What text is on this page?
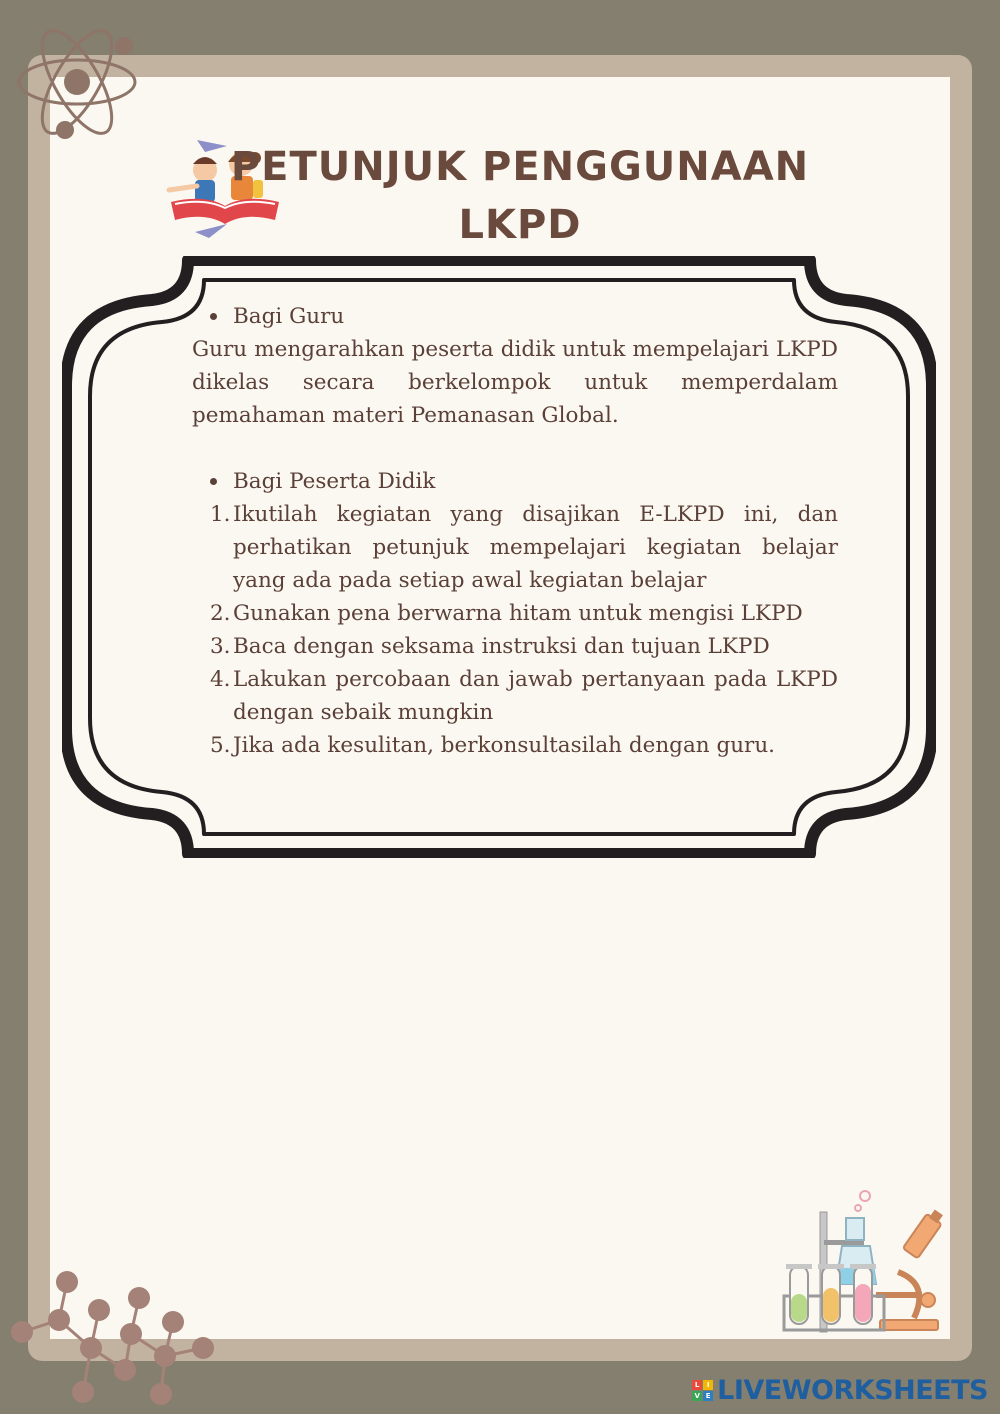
PETUNJUK PENGGUNAAN
LKPD
Bagi Guru
Guru mengarahkan peserta didik untuk mempelajari LKPD dikelas secara berkelompok untuk memperdalam pemahaman materi Pemanasan Global.
Bagi Peserta Didik
1. Ikutilah kegiatan yang disajikan E-LKPD ini, dan perhatikan petunjuk mempelajari kegiatan belajar yang ada pada setiap awal kegiatan belajar
2. Gunakan pena berwarna hitam untuk mengisi LKPD
3. Baca dengan seksama instruksi dan tujuan LKPD
4. Lakukan percobaan dan jawab pertanyaan pada LKPD dengan sebaik mungkin
5. Jika ada kesulitan, berkonsultasilah dengan guru.
L	I
V E LIVEWORKSHEETS
